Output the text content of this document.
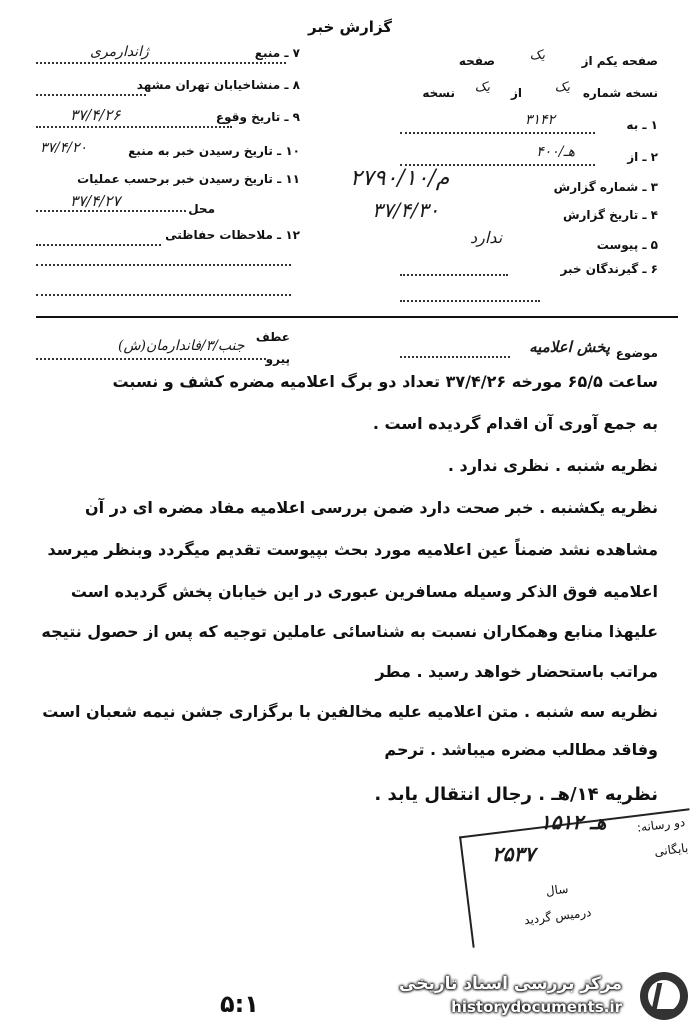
گزارش خبر
۷ ـ منبع
ژاندارمری
۸ ـ منشاخیابان تهران مشهد
۹ ـ تاریخ وقوع
۳۷/۴/۲۶
۱۰ ـ تاریخ رسیدن خبر به منبع
۳۷/۴/۲۰
۱۱ ـ تاریخ رسیدن خبر برحسب عملیات
محل
۳۷/۴/۲۷
۱۲ ـ ملاحظات حفاظتی
صفحه یکم از
یک
صفحه
نسخه شماره
یک
از
یک
نسخه
۱ ـ به
۳۱۴۲
۲ ـ از
۴۰۰/هـ
۳ ـ شماره گزارش
۲۷۹۰/۱۰/م
۴ ـ تاریخ گزارش
۳۷/۴/۳۰
۵ ـ پیوست
ندارد
۶ ـ گیرندگان خبر
موضوع
پخش اعلامیه
عطف
پیرو
جنب/۳/فاندارمان(ش)
ساعت ۶۵/۵ مورخه ۳۷/۴/۲۶ تعداد دو برگ اعلامیه مضره کشف و نسبت
به جمع آوری آن اقدام گردیده است .
نظریه شنبه . نظری ندارد .
نظریه یکشنبه . خبر صحت دارد ضمن بررسی اعلامیه مفاد مضره ای در آن
مشاهده نشد ضمناً عین اعلامیه مورد بحث بپیوست تقدیم میگردد وبنظر میرسد
اعلامیه فوق الذکر وسیله مسافرین عبوری در این خیابان پخش گردیده است
علیهذا منابع وهمکاران نسبت به شناسائی عاملین توجیه که پس از حصول نتیجه
مراتب باستحضار خواهد رسید . مطر
نظریه سه شنبه . متن اعلامیه علیه مخالفین با برگزاری جشن نیمه شعبان است
وفاقد مطالب مضره میباشد . ترحم
نظریه ۱۴/هـ . رجال انتقال یابد .
دو رسانه:
بایگانی
سال
درمیس گردید
۱۵۱۲ هـ
۲۵۳۷
۵:۱
مرکز بررسی اسناد تاریخی
historydocuments.ir
